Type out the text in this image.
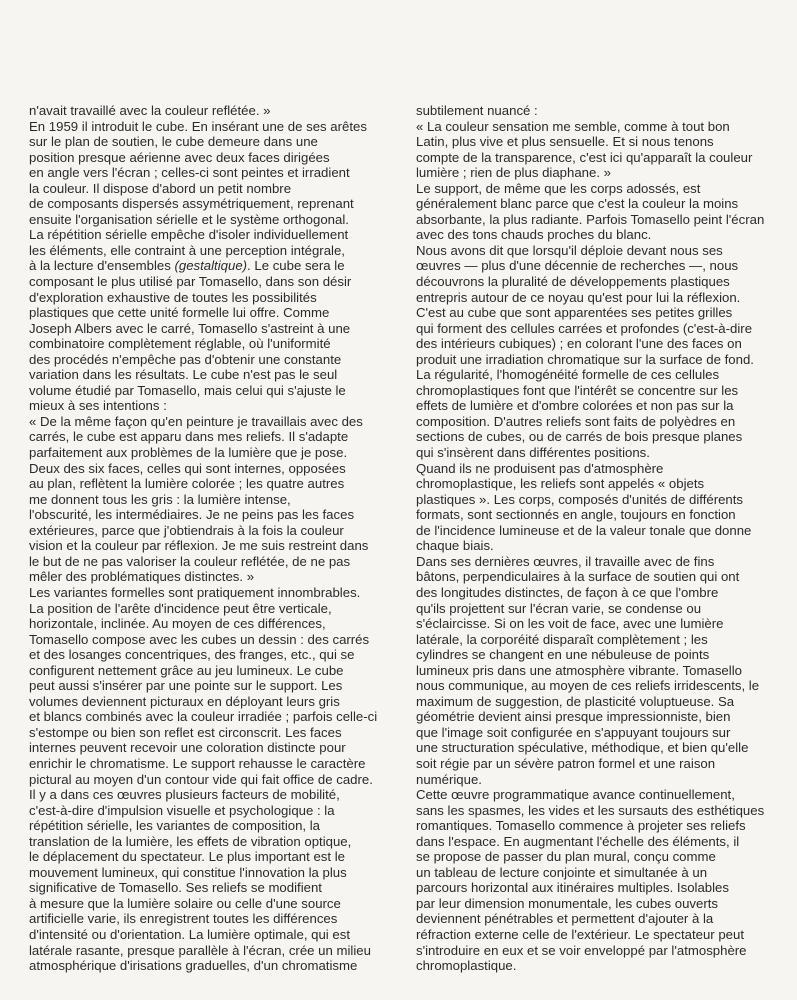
n'avait travaillé avec la couleur reflétée. »
En 1959 il introduit le cube. En insérant une de ses arêtes
sur le plan de soutien, le cube demeure dans une
position presque aérienne avec deux faces dirigées
en angle vers l'écran ; celles-ci sont peintes et irradient
la couleur. Il dispose d'abord un petit nombre
de composants dispersés assymétriquement, reprenant
ensuite l'organisation sérielle et le système orthogonal.
La répétition sérielle empêche d'isoler individuellement
les éléments, elle contraint à une perception intégrale,
à la lecture d'ensembles (gestaltique). Le cube sera le
composant le plus utilisé par Tomasello, dans son désir
d'exploration exhaustive de toutes les possibilités
plastiques que cette unité formelle lui offre. Comme
Joseph Albers avec le carré, Tomasello s'astreint à une
combinatoire complètement réglable, où l'uniformité
des procédés n'empêche pas d'obtenir une constante
variation dans les résultats. Le cube n'est pas le seul
volume étudié par Tomasello, mais celui qui s'ajuste le
mieux à ses intentions :
« De la même façon qu'en peinture je travaillais avec des
carrés, le cube est apparu dans mes reliefs. Il s'adapte
parfaitement aux problèmes de la lumière que je pose.
Deux des six faces, celles qui sont internes, opposées
au plan, reflètent la lumière colorée ; les quatre autres
me donnent tous les gris : la lumière intense,
l'obscurité, les intermédiaires. Je ne peins pas les faces
extérieures, parce que j'obtiendrais à la fois la couleur
vision et la couleur par réflexion. Je me suis restreint dans
le but de ne pas valoriser la couleur reflétée, de ne pas
mêler des problématiques distinctes. »
Les variantes formelles sont pratiquement innombrables.
La position de l'arête d'incidence peut être verticale,
horizontale, inclinée. Au moyen de ces différences,
Tomasello compose avec les cubes un dessin : des carrés
et des losanges concentriques, des franges, etc., qui se
configurent nettement grâce au jeu lumineux. Le cube
peut aussi s'insérer par une pointe sur le support. Les
volumes deviennent picturaux en déployant leurs gris
et blancs combinés avec la couleur irradiée ; parfois celle-ci
s'estompe ou bien son reflet est circonscrit. Les faces
internes peuvent recevoir une coloration distincte pour
enrichir le chromatisme. Le support rehausse le caractère
pictural au moyen d'un contour vide qui fait office de cadre.
Il y a dans ces œuvres plusieurs facteurs de mobilité,
c'est-à-dire d'impulsion visuelle et psychologique : la
répétition sérielle, les variantes de composition, la
translation de la lumière, les effets de vibration optique,
le déplacement du spectateur. Le plus important est le
mouvement lumineux, qui constitue l'innovation la plus
significative de Tomasello. Ses reliefs se modifient
à mesure que la lumière solaire ou celle d'une source
artificielle varie, ils enregistrent toutes les différences
d'intensité ou d'orientation. La lumière optimale, qui est
latérale rasante, presque parallèle à l'écran, crée un milieu
atmosphérique d'irisations graduelles, d'un chromatisme
subtilement nuancé :
« La couleur sensation me semble, comme à tout bon
Latin, plus vive et plus sensuelle. Et si nous tenons
compte de la transparence, c'est ici qu'apparaît la couleur
lumière ; rien de plus diaphane. »
Le support, de même que les corps adossés, est
généralement blanc parce que c'est la couleur la moins
absorbante, la plus radiante. Parfois Tomasello peint l'écran
avec des tons chauds proches du blanc.
Nous avons dit que lorsqu'il déploie devant nous ses
œuvres — plus d'une décennie de recherches —, nous
découvrons la pluralité de développements plastiques
entrepris autour de ce noyau qu'est pour lui la réflexion.
C'est au cube que sont apparentées ses petites grilles
qui forment des cellules carrées et profondes (c'est-à-dire
des intérieurs cubiques) ; en colorant l'une des faces on
produit une irradiation chromatique sur la surface de fond.
La régularité, l'homogénéité formelle de ces cellules
chromoplastiques font que l'intérêt se concentre sur les
effets de lumière et d'ombre colorées et non pas sur la
composition. D'autres reliefs sont faits de polyèdres en
sections de cubes, ou de carrés de bois presque planes
qui s'insèrent dans différentes positions.
Quand ils ne produisent pas d'atmosphère
chromoplastique, les reliefs sont appelés « objets
plastiques ». Les corps, composés d'unités de différents
formats, sont sectionnés en angle, toujours en fonction
de l'incidence lumineuse et de la valeur tonale que donne
chaque biais.
Dans ses dernières œuvres, il travaille avec de fins
bâtons, perpendiculaires à la surface de soutien qui ont
des longitudes distinctes, de façon à ce que l'ombre
qu'ils projettent sur l'écran varie, se condense ou
s'éclaircisse. Si on les voit de face, avec une lumière
latérale, la corporéité disparaît complètement ; les
cylindres se changent en une nébuleuse de points
lumineux pris dans une atmosphère vibrante. Tomasello
nous communique, au moyen de ces reliefs irridescents, le
maximum de suggestion, de plasticité voluptueuse. Sa
géométrie devient ainsi presque impressionniste, bien
que l'image soit configurée en s'appuyant toujours sur
une structuration spéculative, méthodique, et bien qu'elle
soit régie par un sévère patron formel et une raison
numérique.
Cette œuvre programmatique avance continuellement,
sans les spasmes, les vides et les sursauts des esthétiques
romantiques. Tomasello commence à projeter ses reliefs
dans l'espace. En augmentant l'échelle des éléments, il
se propose de passer du plan mural, conçu comme
un tableau de lecture conjointe et simultanée à un
parcours horizontal aux itinéraires multiples. Isolables
par leur dimension monumentale, les cubes ouverts
deviennent pénétrables et permettent d'ajouter à la
réfraction externe celle de l'extérieur. Le spectateur peut
s'introduire en eux et se voir enveloppé par l'atmosphère
chromoplastique.
